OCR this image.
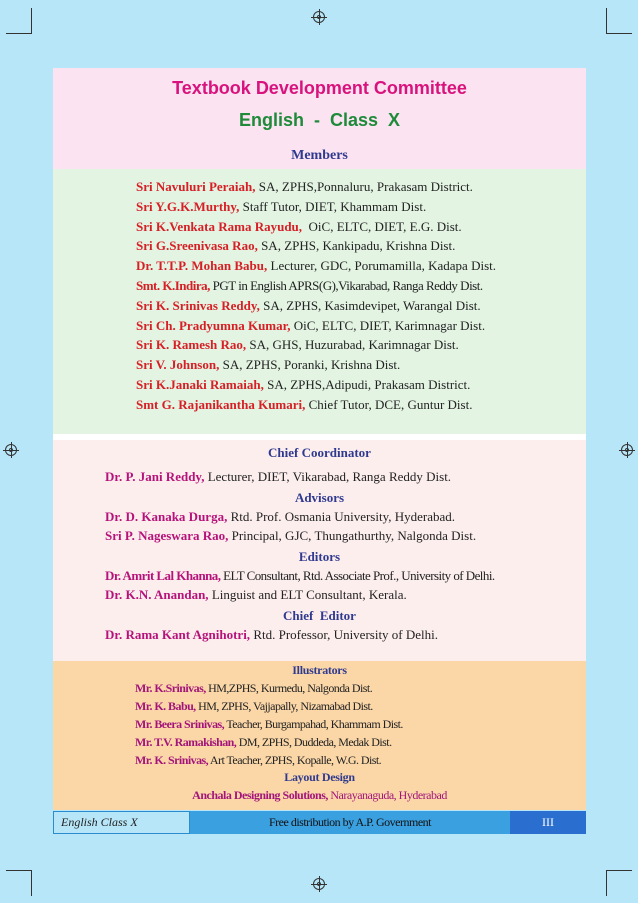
Textbook Development Committee
English  -  Class  X
Members
Sri Navuluri Peraiah, SA, ZPHS,Ponnaluru, Prakasam District.
Sri Y.G.K.Murthy, Staff Tutor, DIET, Khammam Dist.
Sri K.Venkata Rama Rayudu,  OiC, ELTC, DIET, E.G. Dist.
Sri G.Sreenivasa Rao, SA, ZPHS, Kankipadu, Krishna Dist.
Dr. T.T.P. Mohan Babu, Lecturer, GDC, Porumamilla, Kadapa Dist.
Smt. K.Indira, PGT in English APRS(G),Vikarabad, Ranga Reddy Dist.
Sri K. Srinivas Reddy, SA, ZPHS, Kasimdevipet, Warangal Dist.
Sri Ch. Pradyumna Kumar, OiC, ELTC, DIET, Karimnagar Dist.
Sri K. Ramesh Rao, SA, GHS, Huzurabad, Karimnagar Dist.
Sri V. Johnson, SA, ZPHS, Poranki, Krishna Dist.
Sri K.Janaki Ramaiah, SA, ZPHS,Adipudi, Prakasam District.
Smt G. Rajanikantha Kumari, Chief Tutor, DCE, Guntur Dist.
Chief Coordinator
Dr. P. Jani Reddy, Lecturer, DIET, Vikarabad, Ranga Reddy Dist.
Advisors
Dr. D. Kanaka Durga, Rtd. Prof. Osmania University, Hyderabad.
Sri P. Nageswara Rao, Principal, GJC, Thungathurthy, Nalgonda Dist.
Editors
Dr. Amrit Lal Khanna, ELT Consultant, Rtd. Associate Prof., University of Delhi.
Dr. K.N. Anandan, Linguist and ELT Consultant, Kerala.
Chief  Editor
Dr. Rama Kant Agnihotri, Rtd. Professor, University of Delhi.
Illustrators
Mr. K.Srinivas, HM,ZPHS, Kurmedu, Nalgonda Dist.
Mr. K. Babu, HM, ZPHS, Vajjapally, Nizamabad Dist.
Mr. Beera Srinivas, Teacher, Burgampahad, Khammam Dist.
Mr. T.V. Ramakishan, DM, ZPHS, Duddeda, Medak Dist.
Mr. K. Srinivas, Art Teacher, ZPHS, Kopalle, W.G. Dist.
Layout Design
Anchala Designing Solutions, Narayanaguda, Hyderabad
English Class X	Free distribution by A.P. Government	III
